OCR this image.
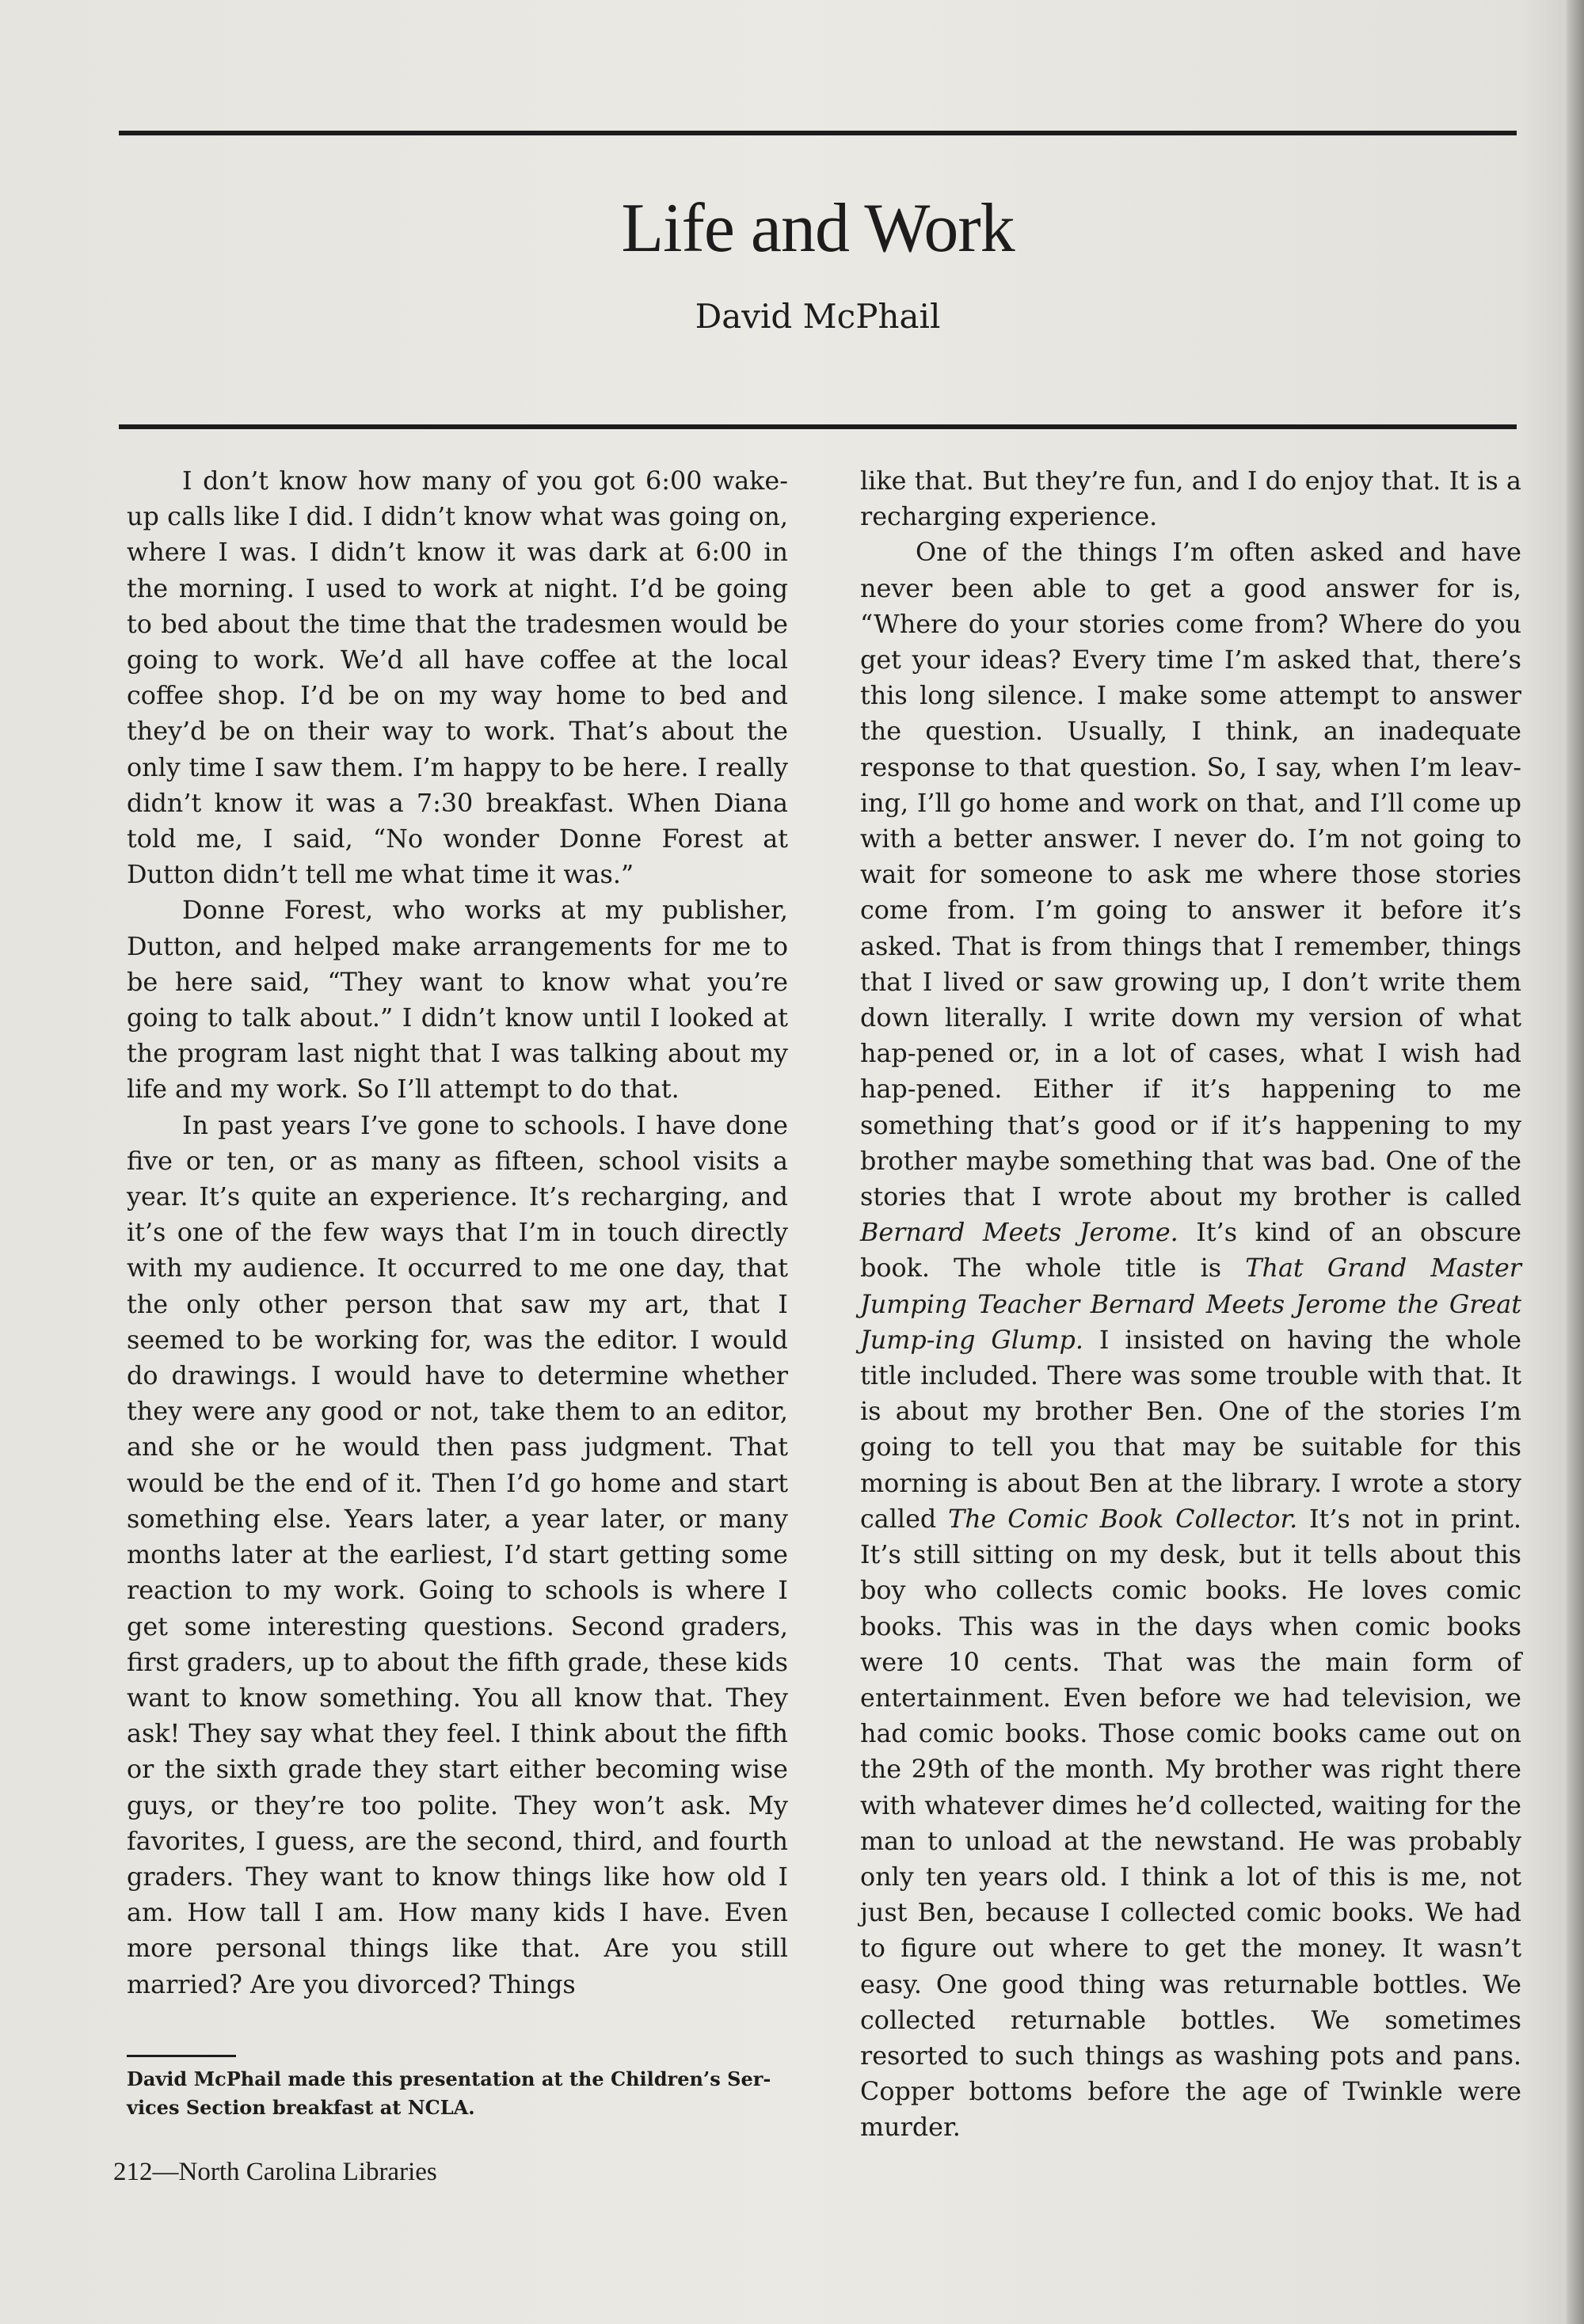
Life and Work
David McPhail

I don’t know how many of you got 6:00 wake-up calls like I did. I didn’t know what was going on, where I was. I didn’t know it was dark at 6:00 in the morning. I used to work at night. I’d be going to bed about the time that the tradesmen would be going to work. We’d all have coffee at the local coffee shop. I’d be on my way home to bed and they’d be on their way to work. That’s about the only time I saw them. I’m happy to be here. I really didn’t know it was a 7:30 breakfast. When Diana told me, I said, “No wonder Donne Forest at Dutton didn’t tell me what time it was.”

Donne Forest, who works at my publisher, Dutton, and helped make arrangements for me to be here said, “They want to know what you’re going to talk about.” I didn’t know until I looked at the program last night that I was talking about my life and my work. So I’ll attempt to do that.

In past years I’ve gone to schools. I have done five or ten, or as many as fifteen, school visits a year. It’s quite an experience. It’s recharging, and it’s one of the few ways that I’m in touch directly with my audience. It occurred to me one day, that the only other person that saw my art, that I seemed to be working for, was the editor. I would do drawings. I would have to determine whether they were any good or not, take them to an editor, and she or he would then pass judgment. That would be the end of it. Then I’d go home and start something else. Years later, a year later, or many months later at the earliest, I’d start getting some reaction to my work. Going to schools is where I get some interesting questions. Second graders, first graders, up to about the fifth grade, these kids want to know something. You all know that. They ask! They say what they feel. I think about the fifth or the sixth grade they start either becoming wise guys, or they’re too polite. They won’t ask. My favorites, I guess, are the second, third, and fourth graders. They want to know things like how old I am. How tall I am. How many kids I have. Even more personal things like that. Are you still married? Are you divorced? Things

like that. But they’re fun, and I do enjoy that. It is a recharging experience.

One of the things I’m often asked and have never been able to get a good answer for is, “Where do your stories come from? Where do you get your ideas? Every time I’m asked that, there’s this long silence. I make some attempt to answer the question. Usually, I think, an inadequate response to that question. So, I say, when I’m leav-ing, I’ll go home and work on that, and I’ll come up with a better answer. I never do. I’m not going to wait for someone to ask me where those stories come from. I’m going to answer it before it’s asked. That is from things that I remember, things that I lived or saw growing up, I don’t write them down literally. I write down my version of what hap-pened or, in a lot of cases, what I wish had hap-pened. Either if it’s happening to me something that’s good or if it’s happening to my brother maybe something that was bad. One of the stories that I wrote about my brother is called Bernard Meets Jerome. It’s kind of an obscure book. The whole title is That Grand Master Jumping Teacher Bernard Meets Jerome the Great Jump-ing Glump. I insisted on having the whole title included. There was some trouble with that. It is about my brother Ben. One of the stories I’m going to tell you that may be suitable for this morning is about Ben at the library. I wrote a story called The Comic Book Collector. It’s not in print. It’s still sitting on my desk, but it tells about this boy who collects comic books. He loves comic books. This was in the days when comic books were 10 cents. That was the main form of entertainment. Even before we had television, we had comic books. Those comic books came out on the 29th of the month. My brother was right there with whatever dimes he’d collected, waiting for the man to unload at the newstand. He was probably only ten years old. I think a lot of this is me, not just Ben, because I collected comic books. We had to figure out where to get the money. It wasn’t easy. One good thing was returnable bottles. We collected returnable bottles. We sometimes resorted to such things as washing pots and pans. Copper bottoms before the age of Twinkle were murder.

David McPhail made this presentation at the Children’s Ser-vices Section breakfast at NCLA.
212—North Carolina Libraries
